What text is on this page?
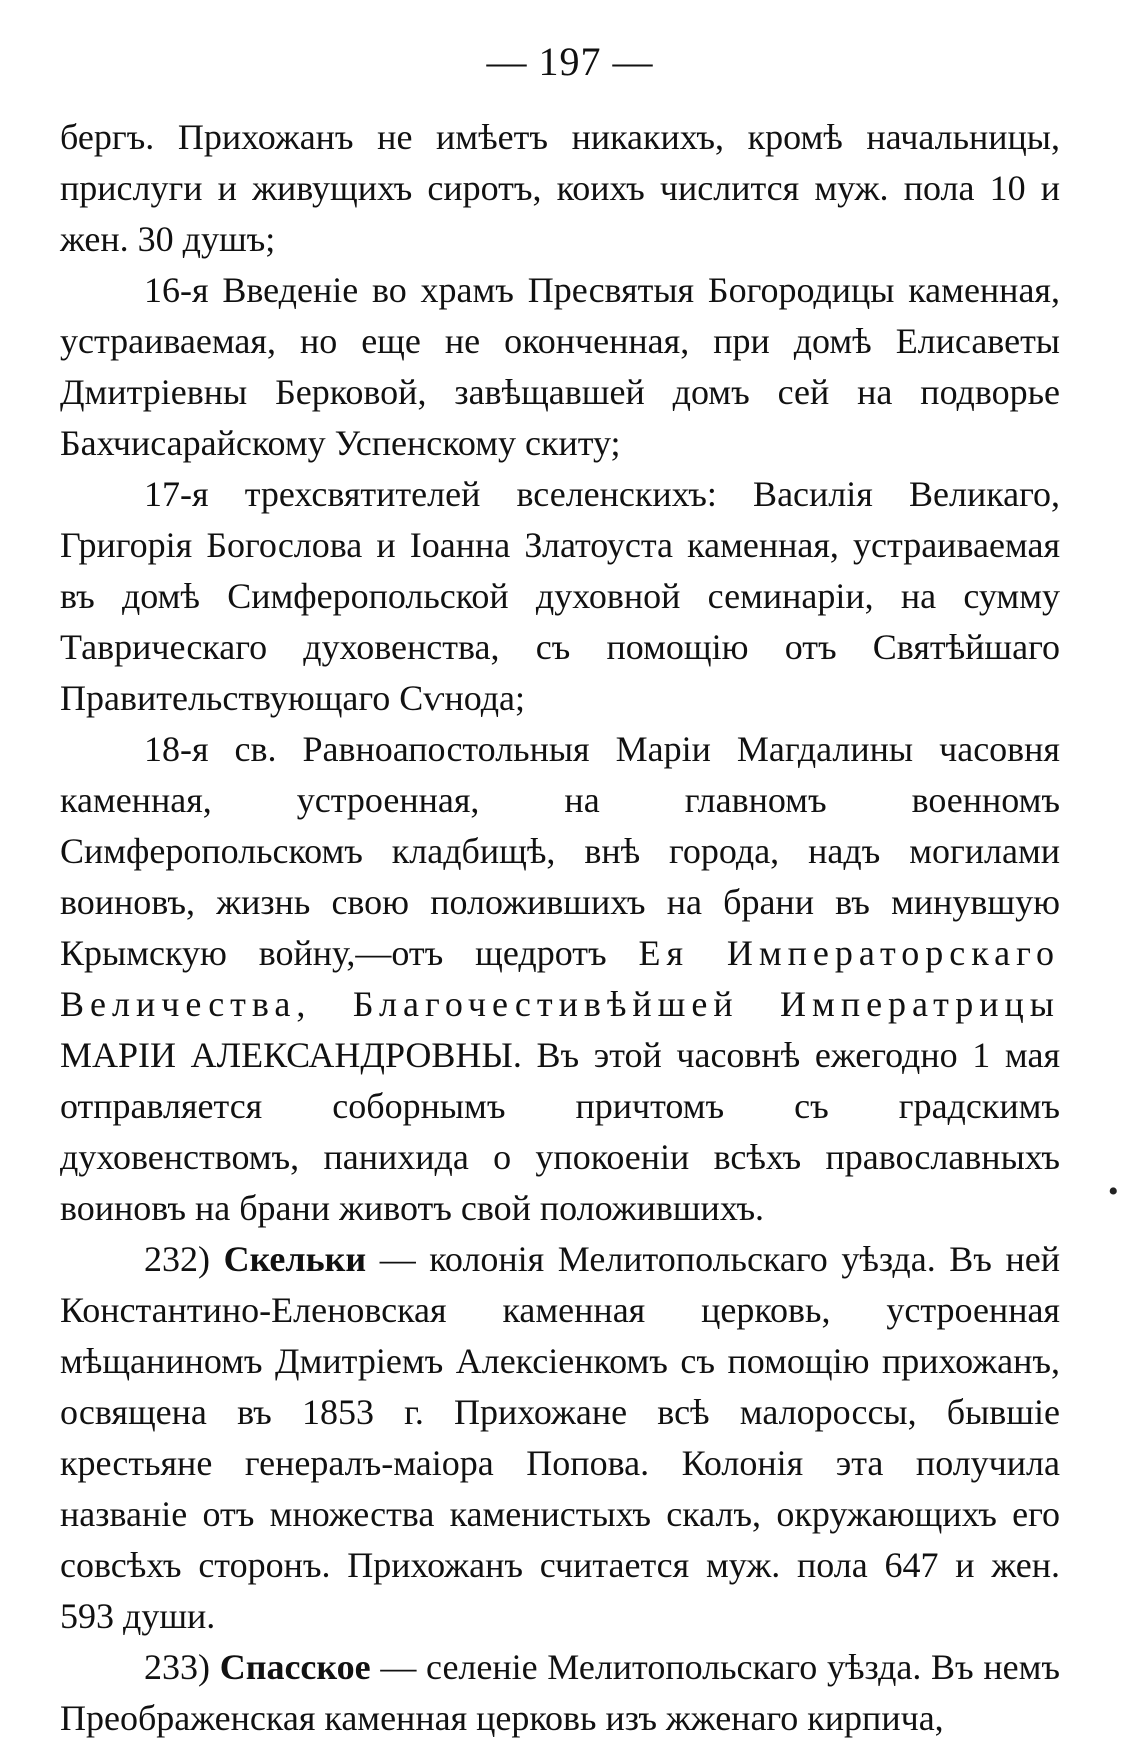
— 197 —

бергъ. Прихожанъ не имѣетъ никакихъ, кромѣ начальницы, прислуги и живущихъ сиротъ, коихъ числится муж. пола 10 и жен. 30 душъ;

16-я Введеніе во храмъ Пресвятыя Богородицы каменная, устраиваемая, но еще не оконченная, при домѣ Елисаветы Дмитріевны Берковой, завѣщавшей домъ сей на подворье Бахчисарайскому Успенскому скиту;

17-я трехсвятителей вселенскихъ: Василія Великаго, Григорія Богослова и Іоанна Златоуста каменная, устраиваемая въ домѣ Симферопольской духовной семинаріи, на сумму Таврическаго духовенства, съ помощію отъ Святѣйшаго Правительствующаго Сѵнода;

18-я св. Равноапостольныя Маріи Магдалины часовня каменная, устроенная, на главномъ военномъ Симферопольскомъ кладбищѣ, внѣ города, надъ могилами воиновъ, жизнь свою положившихъ на брани въ минувшую Крымскую войну,—отъ щедротъ Ея Императорскаго Величества, Благочестивѣйшей Императрицы МАРІИ АЛЕКСАНДРОВНЫ. Въ этой часовнѣ ежегодно 1 мая отправляется соборнымъ причтомъ съ градскимъ духовенствомъ, панихида о упокоеніи всѣхъ православныхъ воиновъ на брани животъ свой положившихъ.

232) Скельки — колонія Мелитопольскаго уѣзда. Въ ней Константино-Еленовская каменная церковь, устроенная мѣщаниномъ Дмитріемъ Алексіенкомъ съ помощію прихожанъ, освящена въ 1853 г. Прихожане всѣ малороссы, бывшіе крестьяне генералъ-маіора Попова. Колонія эта получила названіе отъ множества каменистыхъ скалъ, окружающихъ его совсѣхъ сторонъ. Прихожанъ считается муж. пола 647 и жен. 593 души.

233) Спасское — селеніе Мелитопольскаго уѣзда. Въ немъ Преображенская каменная церковь изъ жженаго кирпича,

•
